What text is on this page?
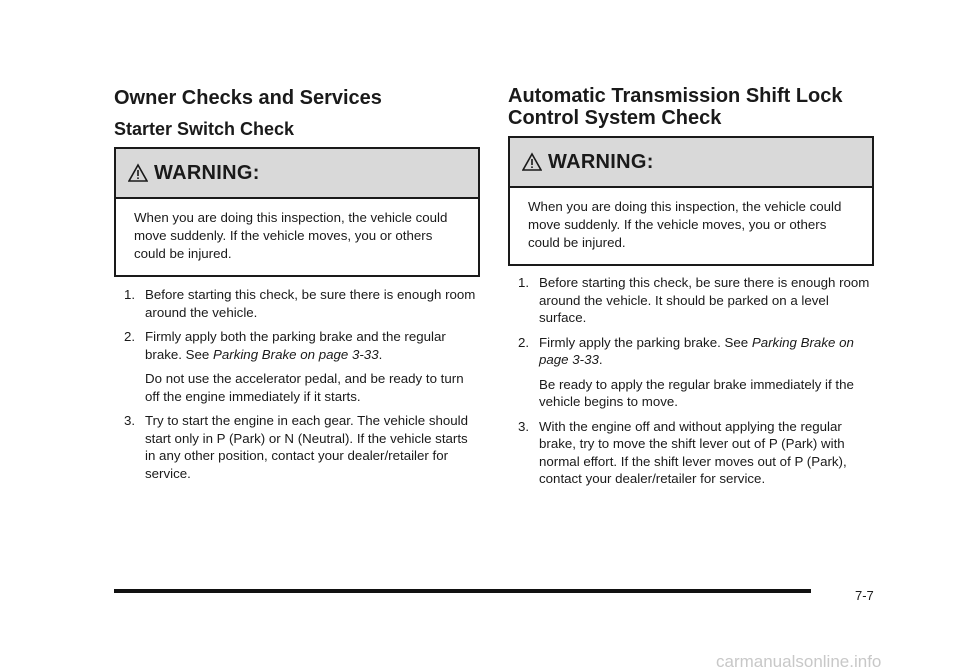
Owner Checks and Services
Starter Switch Check
WARNING:
When you are doing this inspection, the vehicle could move suddenly. If the vehicle moves, you or others could be injured.
1. Before starting this check, be sure there is enough room around the vehicle.

2. Firmly apply both the parking brake and the regular brake. See Parking Brake on page 3-33.

Do not use the accelerator pedal, and be ready to turn off the engine immediately if it starts.

3. Try to start the engine in each gear. The vehicle should start only in P (Park) or N (Neutral). If the vehicle starts in any other position, contact your dealer/retailer for service.

Automatic Transmission Shift Lock
Control System Check
WARNING:
When you are doing this inspection, the vehicle could move suddenly. If the vehicle moves, you or others could be injured.
1. Before starting this check, be sure there is enough room around the vehicle. It should be parked on a level surface.

2. Firmly apply the parking brake. See Parking Brake on page 3-33.

Be ready to apply the regular brake immediately if the vehicle begins to move.

3. With the engine off and without applying the regular brake, try to move the shift lever out of P (Park) with normal effort. If the shift lever moves out of P (Park), contact your dealer/retailer for service.

7-7
carmanualsonline.info
